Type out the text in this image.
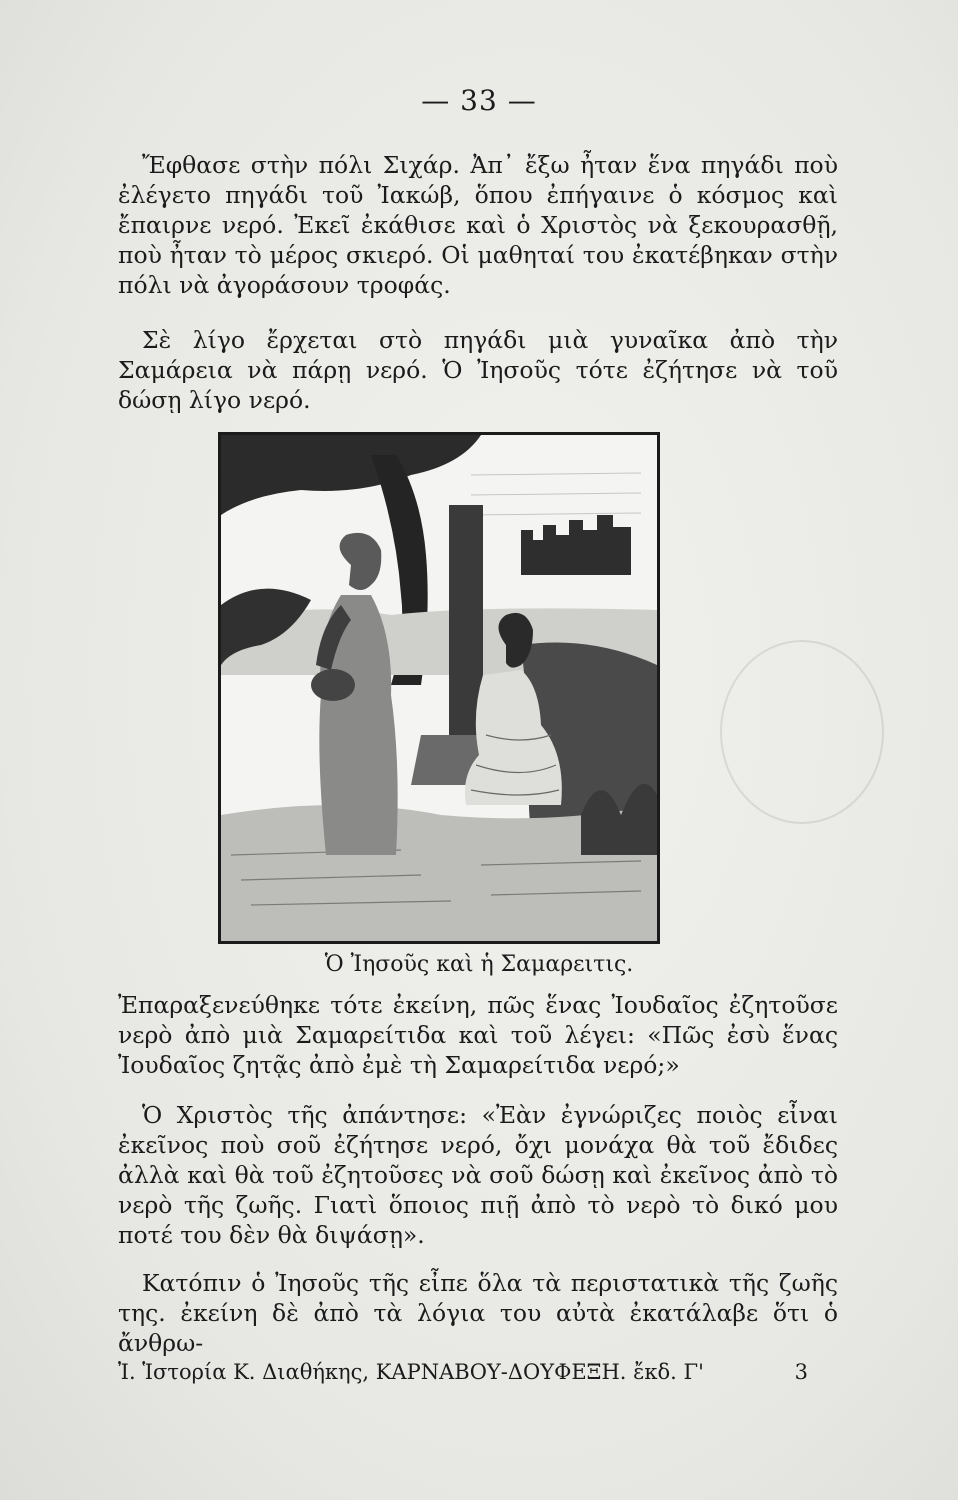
— 33 —

Ἔφθασε στὴν πόλι Σιχάρ. Ἀπ᾿ ἔξω ἦταν ἕνα πηγάδι ποὺ ἐλέγετο πηγάδι τοῦ Ἰακώβ, ὅπου ἐπήγαινε ὁ κόσμος καὶ ἔπαιρνε νερό. Ἐκεῖ ἐκάθισε καὶ ὁ Χριστὸς νὰ ξεκουρασθῇ, ποὺ ἦταν τὸ μέρος σκιερό. Οἱ μαθηταί του ἐκατέβηκαν στὴν πόλι νὰ ἀγοράσουν τροφάς.

Σὲ λίγο ἔρχεται στὸ πηγάδι μιὰ γυναῖκα ἀπὸ τὴν Σαμάρεια νὰ πάρῃ νερό. Ὁ Ἰησοῦς τότε ἐζήτησε νὰ τοῦ δώσῃ λίγο νερό.

Ὁ Ἰησοῦς καὶ ἡ Σαμαρειτις.

Ἐπαραξενεύθηκε τότε ἐκείνη, πῶς ἕνας Ἰουδαῖος ἐζητοῦσε νερὸ ἀπὸ μιὰ Σαμαρείτιδα καὶ τοῦ λέγει: «Πῶς ἐσὺ ἕνας Ἰουδαῖος ζητᾷς ἀπὸ ἐμὲ τὴ Σαμαρείτιδα νερό;»

Ὁ Χριστὸς τῆς ἀπάντησε: «Ἐὰν ἐγνώριζες ποιὸς εἶναι ἐκεῖνος ποὺ σοῦ ἐζήτησε νερό, ὄχι μονάχα θὰ τοῦ ἔδιδες ἀλλὰ καὶ θὰ τοῦ ἐζητοῦσες νὰ σοῦ δώσῃ καὶ ἐκεῖνος ἀπὸ τὸ νερὸ τῆς ζωῆς. Γιατὶ ὅποιος πιῇ ἀπὸ τὸ νερὸ τὸ δικό μου ποτέ του δὲν θὰ διψάσῃ».

Κατόπιν ὁ Ἰησοῦς τῆς εἶπε ὅλα τὰ περιστατικὰ τῆς ζωῆς της. ἐκείνη δὲ ἀπὸ τὰ λόγια του αὐτὰ ἐκατάλαβε ὅτι ὁ ἄνθρω-

Ἰ. Ἱστορία Κ. Διαθήκης, ΚΑΡΝΑΒΟΥ-ΔΟΥΦΕΞΗ. ἔκδ. Γ'	3
